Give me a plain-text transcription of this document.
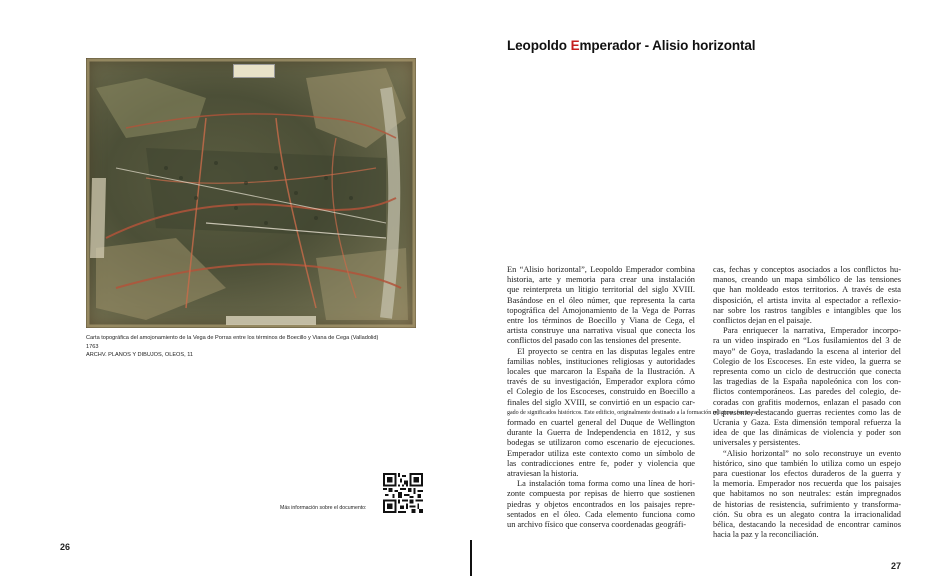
Carta topográfica del amojonamiento de la Vega de Porras entre los términos de Boecillo y Viana de Cega (Valladolid)
1763
ARCHV. PLANOS Y DIBUJOS, OLEOS, 11
Más información sobre el documento:
26
Leopoldo Emperador - Alisio horizontal
En “Alisio horizontal”, Leopoldo Emperador combina
historia, arte y memoria para crear una instalación
que reinterpreta un litigio territorial del siglo XVIII.
Basándose en el óleo númer, que representa la carta
topográfica del Amojonamiento de la Vega de Porras
entre los términos de Boecillo y Viana de Cega, el
artista construye una narrativa visual que conecta los
conflictos del pasado con las tensiones del presente.
El proyecto se centra en las disputas legales entre
familias nobles, instituciones religiosas y autoridades
locales que marcaron la España de la Ilustración. A
través de su investigación, Emperador explora cómo
el Colegio de los Escoceses, construido en Boecillo a
finales del siglo XVIII, se convirtió en un espacio car-
gado de significados históricos. Este edificio, originalmente destinado a la formación religiosa, fue trans-
formado en cuartel general del Duque de Wellington
durante la Guerra de Independencia en 1812, y sus
bodegas se utilizaron como escenario de ejecuciones.
Emperador utiliza este contexto como un símbolo de
las contradicciones entre fe, poder y violencia que
atraviesan la historia.
La instalación toma forma como una línea de hori-
zonte compuesta por repisas de hierro que sostienen
piedras y objetos encontrados en los paisajes repre-
sentados en el óleo. Cada elemento funciona como
un archivo físico que conserva coordenadas geográfi-
cas, fechas y conceptos asociados a los conflictos hu-
manos, creando un mapa simbólico de las tensiones
que han moldeado estos territorios. A través de esta
disposición, el artista invita al espectador a reflexio-
nar sobre los rastros tangibles e intangibles que los
conflictos dejan en el paisaje.
Para enriquecer la narrativa, Emperador incorpo-
ra un video inspirado en “Los fusilamientos del 3 de
mayo” de Goya, trasladando la escena al interior del
Colegio de los Escoceses. En este video, la guerra se
representa como un ciclo de destrucción que conecta
las tragedias de la España napoleónica con los con-
flictos contemporáneos. Las paredes del colegio, de-
coradas con grafitis modernos, enlazan el pasado con
el presente, destacando guerras recientes como las de
Ucrania y Gaza. Esta dimensión temporal refuerza la
idea de que las dinámicas de violencia y poder son
universales y persistentes.
“Alisio horizontal” no solo reconstruye un evento
histórico, sino que también lo utiliza como un espejo
para cuestionar los efectos duraderos de la guerra y
la memoria. Emperador nos recuerda que los paisajes
que habitamos no son neutrales: están impregnados
de historias de resistencia, sufrimiento y transforma-
ción. Su obra es un alegato contra la irracionalidad
bélica, destacando la necesidad de encontrar caminos
hacia la paz y la reconciliación.
27
